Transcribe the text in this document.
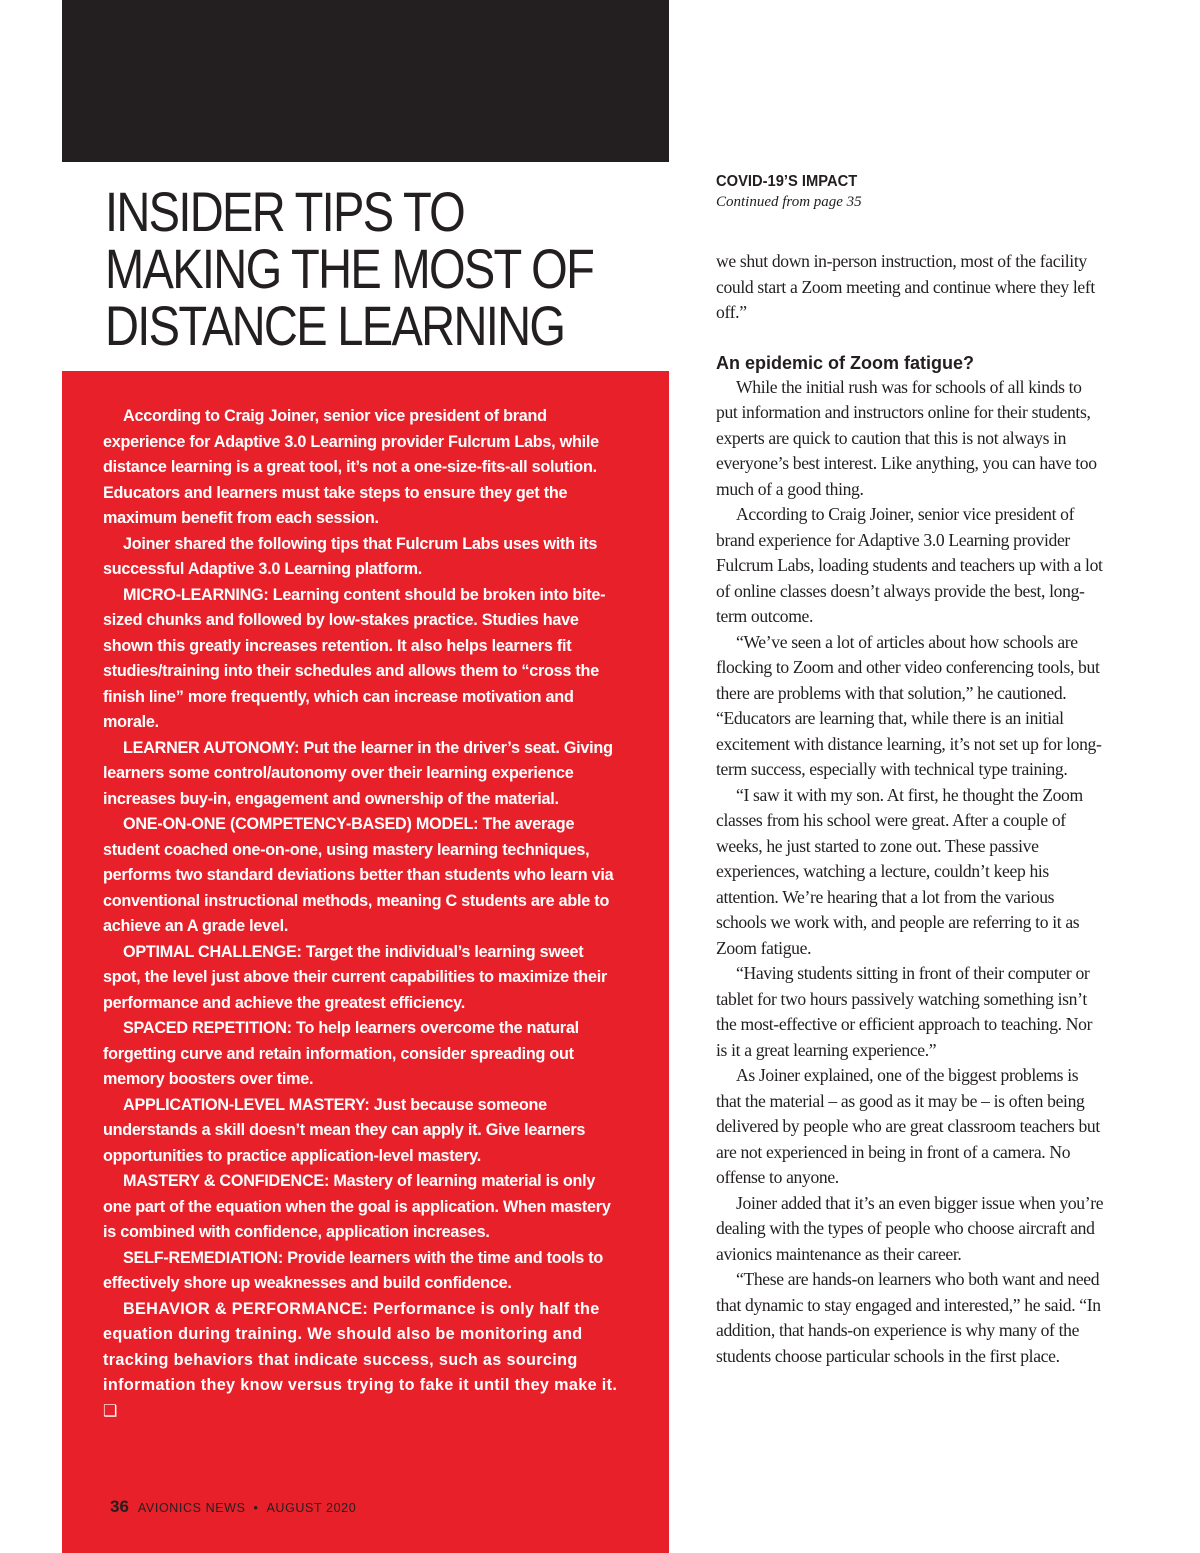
INSIDER TIPS TO
MAKING THE MOST OF
DISTANCE LEARNING

According to Craig Joiner, senior vice president of brand experience for Adaptive 3.0 Learning provider Fulcrum Labs, while distance learning is a great tool, it’s not a one-size-fits-all solution. Educators and learners must take steps to ensure they get the maximum benefit from each session.

Joiner shared the following tips that Fulcrum Labs uses with its successful Adaptive 3.0 Learning platform.

MICRO-LEARNING: Learning content should be broken into bite-sized chunks and followed by low-stakes practice. Studies have shown this greatly increases retention. It also helps learners fit studies/training into their schedules and allows them to “cross the finish line” more frequently, which can increase motivation and morale.

LEARNER AUTONOMY: Put the learner in the driver’s seat. Giving learners some control/autonomy over their learning experience increases buy-in, engagement and ownership of the material.

ONE-ON-ONE (COMPETENCY-BASED) MODEL: The average student coached one-on-one, using mastery learning techniques, performs two standard deviations better than students who learn via conventional instructional methods, meaning C students are able to achieve an A grade level.

OPTIMAL CHALLENGE: Target the individual’s learning sweet spot, the level just above their current capabilities to maximize their performance and achieve the greatest efficiency.

SPACED REPETITION: To help learners overcome the natural forgetting curve and retain information, consider spreading out memory boosters over time.

APPLICATION-LEVEL MASTERY: Just because someone understands a skill doesn’t mean they can apply it. Give learners opportunities to practice application-level mastery.

MASTERY & CONFIDENCE: Mastery of learning material is only one part of the equation when the goal is application. When mastery is combined with confidence, application increases.

SELF-REMEDIATION: Provide learners with the time and tools to effectively shore up weaknesses and build confidence.

BEHAVIOR & PERFORMANCE: Performance is only half the equation during training. We should also be monitoring and tracking behaviors that indicate success, such as sourcing information they know versus trying to fake it until they make it. ❑

36 AVIONICS NEWS • AUGUST 2020
COVID-19’S IMPACT
Continued from page 35

we shut down in-person instruction, most of the facility could start a Zoom meeting and continue where they left off.”

An epidemic of Zoom fatigue?

While the initial rush was for schools of all kinds to put information and instructors online for their students, experts are quick to caution that this is not always in everyone’s best interest. Like anything, you can have too much of a good thing.

According to Craig Joiner, senior vice president of brand experience for Adaptive 3.0 Learning provider Fulcrum Labs, loading students and teachers up with a lot of online classes doesn’t always provide the best, long-term outcome.

“We’ve seen a lot of articles about how schools are flocking to Zoom and other video conferencing tools, but there are problems with that solution,” he cautioned. “Educators are learning that, while there is an initial excitement with distance learning, it’s not set up for long-term success, especially with technical type training.

“I saw it with my son. At first, he thought the Zoom classes from his school were great. After a couple of weeks, he just started to zone out. These passive experiences, watching a lecture, couldn’t keep his attention. We’re hearing that a lot from the various schools we work with, and people are referring to it as Zoom fatigue.

“Having students sitting in front of their computer or tablet for two hours passively watching something isn’t the most-effective or efficient approach to teaching. Nor is it a great learning experience.”

As Joiner explained, one of the biggest problems is that the material – as good as it may be – is often being delivered by people who are great classroom teachers but are not experienced in being in front of a camera. No offense to anyone.

Joiner added that it’s an even bigger issue when you’re dealing with the types of people who choose aircraft and avionics maintenance as their career.

“These are hands-on learners who both want and need that dynamic to stay engaged and interested,” he said. “In addition, that hands-on experience is why many of the students choose particular schools in the first place.
